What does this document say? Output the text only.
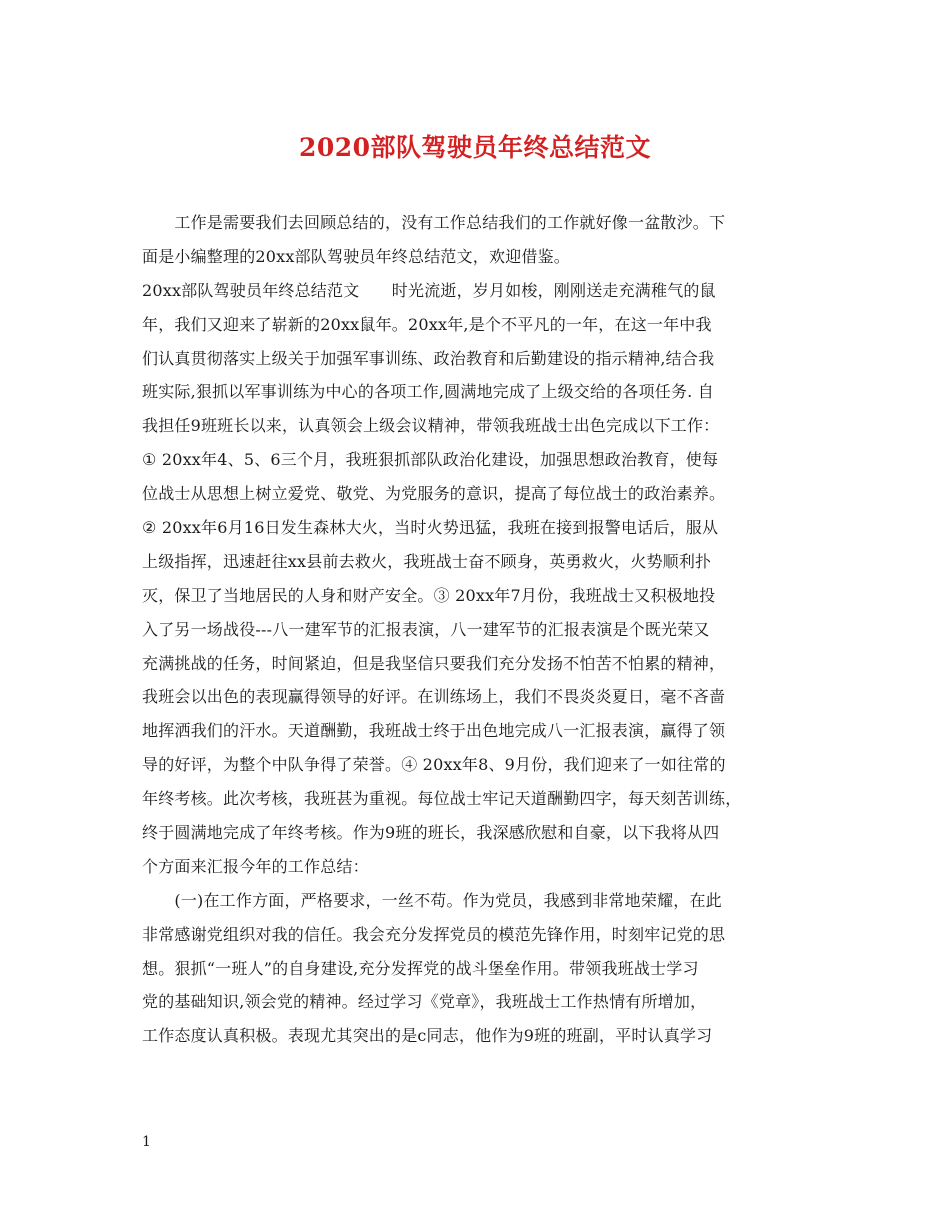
2020部队驾驶员年终总结范文
　　工作是需要我们去回顾总结的，没有工作总结我们的工作就好像一盆散沙。下
面是小编整理的20xx部队驾驶员年终总结范文，欢迎借鉴。
20xx部队驾驶员年终总结范文　　时光流逝，岁月如梭，刚刚送走充满稚气的鼠
年，我们又迎来了崭新的20xx鼠年。20xx年,是个不平凡的一年，在这一年中我
们认真贯彻落实上级关于加强军事训练、政治教育和后勤建设的指示精神,结合我
班实际,狠抓以军事训练为中心的各项工作,圆满地完成了上级交给的各项任务. 自
我担任9班班长以来，认真领会上级会议精神，带领我班战士出色完成以下工作：
① 20xx年4、5、6三个月，我班狠抓部队政治化建设，加强思想政治教育，使每
位战士从思想上树立爱党、敬党、为党服务的意识，提高了每位战士的政治素养。
② 20xx年6月16日发生森林大火，当时火势迅猛，我班在接到报警电话后，服从
上级指挥，迅速赶往xx县前去救火，我班战士奋不顾身，英勇救火，火势顺利扑
灭，保卫了当地居民的人身和财产安全。③ 20xx年7月份，我班战士又积极地投
入了另一场战役---八一建军节的汇报表演，八一建军节的汇报表演是个既光荣又
充满挑战的任务，时间紧迫，但是我坚信只要我们充分发扬不怕苦不怕累的精神，
我班会以出色的表现赢得领导的好评。在训练场上，我们不畏炎炎夏日，毫不吝啬
地挥洒我们的汗水。天道酬勤，我班战士终于出色地完成八一汇报表演，赢得了领
导的好评，为整个中队争得了荣誉。④ 20xx年8、9月份，我们迎来了一如往常的
年终考核。此次考核，我班甚为重视。每位战士牢记天道酬勤四字，每天刻苦训练，
终于圆满地完成了年终考核。作为9班的班长，我深感欣慰和自豪，以下我将从四
个方面来汇报今年的工作总结：
　　(一)在工作方面，严格要求，一丝不苟。作为党员，我感到非常地荣耀，在此
非常感谢党组织对我的信任。我会充分发挥党员的模范先锋作用，时刻牢记党的思
想。狠抓“一班人”的自身建设,充分发挥党的战斗堡垒作用。带领我班战士学习
党的基础知识,领会党的精神。经过学习《党章》，我班战士工作热情有所增加，
工作态度认真积极。表现尤其突出的是c同志，他作为9班的班副，平时认真学习
1
